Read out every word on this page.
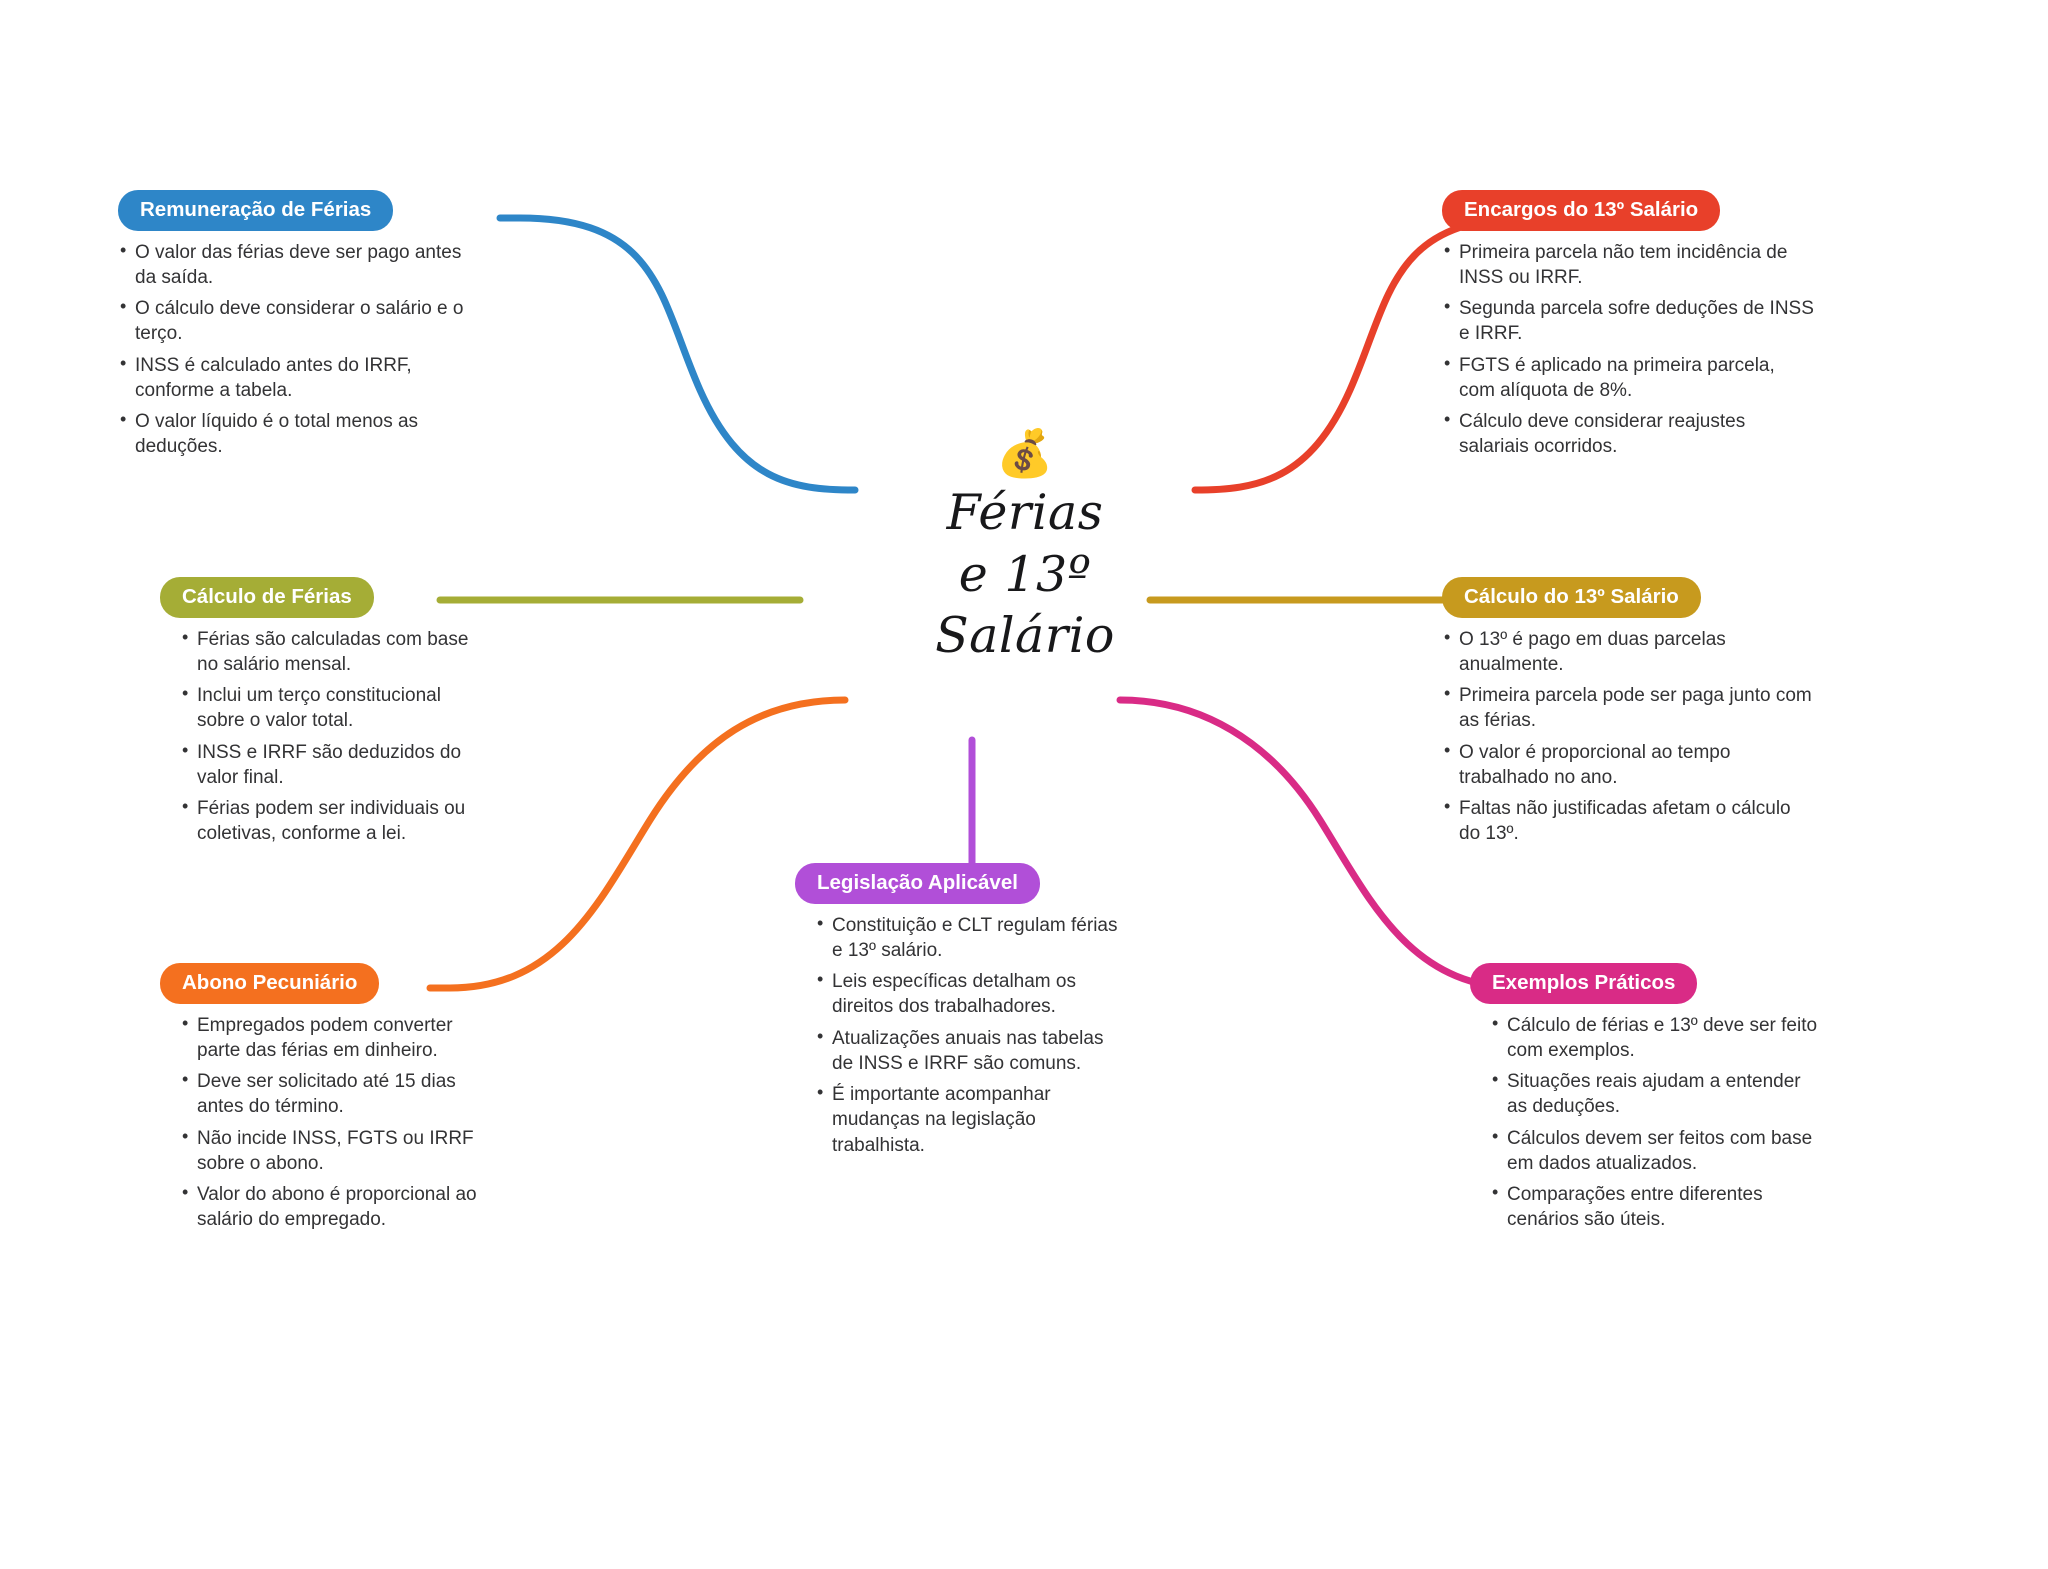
💰
Férias
e 13º
Salário
Remuneração de Férias
• O valor das férias deve ser pago antes da saída.
• O cálculo deve considerar o salário e o terço.
• INSS é calculado antes do IRRF, conforme a tabela.
• O valor líquido é o total menos as deduções.
Encargos do 13º Salário
• Primeira parcela não tem incidência de INSS ou IRRF.
• Segunda parcela sofre deduções de INSS e IRRF.
• FGTS é aplicado na primeira parcela, com alíquota de 8%.
• Cálculo deve considerar reajustes salariais ocorridos.
Cálculo de Férias
• Férias são calculadas com base no salário mensal.
• Inclui um terço constitucional sobre o valor total.
• INSS e IRRF são deduzidos do valor final.
• Férias podem ser individuais ou coletivas, conforme a lei.
Cálculo do 13º Salário
• O 13º é pago em duas parcelas anualmente.
• Primeira parcela pode ser paga junto com as férias.
• O valor é proporcional ao tempo trabalhado no ano.
• Faltas não justificadas afetam o cálculo do 13º.
Abono Pecuniário
• Empregados podem converter parte das férias em dinheiro.
• Deve ser solicitado até 15 dias antes do término.
• Não incide INSS, FGTS ou IRRF sobre o abono.
• Valor do abono é proporcional ao salário do empregado.
Legislação Aplicável
• Constituição e CLT regulam férias e 13º salário.
• Leis específicas detalham os direitos dos trabalhadores.
• Atualizações anuais nas tabelas de INSS e IRRF são comuns.
• É importante acompanhar mudanças na legislação trabalhista.
Exemplos Práticos
• Cálculo de férias e 13º deve ser feito com exemplos.
• Situações reais ajudam a entender as deduções.
• Cálculos devem ser feitos com base em dados atualizados.
• Comparações entre diferentes cenários são úteis.
